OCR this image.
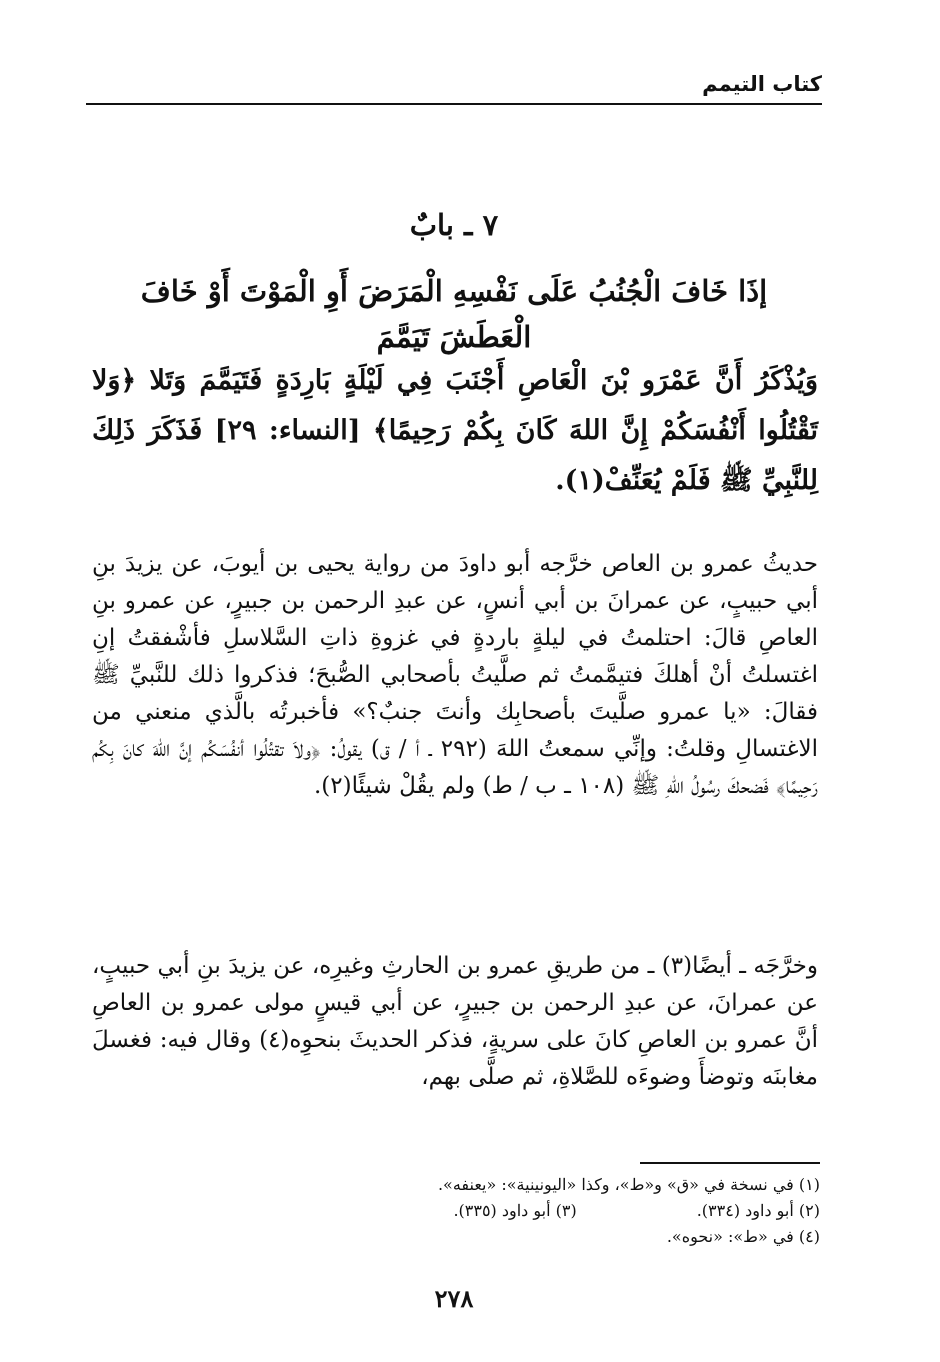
كتاب التيمم
٧ ـ بابٌ
إذَا خَافَ الْجُنُبُ عَلَى نَفْسِهِ الْمَرَضَ أَوِ الْمَوْتَ أَوْ خَافَ الْعَطَشَ تَيَمَّمَ

وَيُذْكَرُ أَنَّ عَمْرَو بْنَ الْعَاصِ أَجْنَبَ فِي لَيْلَةٍ بَارِدَةٍ فَتَيَمَّمَ وَتَلا ﴿وَلا تَقْتُلُوا أَنْفُسَكُمْ إِنَّ اللهَ كَانَ بِكُمْ رَحِيمًا﴾ [النساء: ٢٩] فَذَكَرَ ذَلِكَ لِلنَّبِيِّ ﷺ فَلَمْ يُعَنِّفْ(١).

حديثُ عمرو بن العاص خرَّجه أبو داودَ من رواية يحيى بن أيوبَ، عن يزيدَ بنِ أبي حبيبٍ، عن عمرانَ بن أبي أنسٍ، عن عبدِ الرحمن بن جبيرٍ، عن عمرو بنِ العاصِ قالَ: احتلمتُ في ليلةٍ باردةٍ في غزوةِ ذاتِ السَّلاسلِ فأشْفقتُ إنِ اغتسلتُ أنْ أهلكَ فتيمَّمتُ ثم صلَّيتُ بأصحابي الصُّبحَ؛ فذكروا ذلك للنَّبيِّ ﷺ فقالَ: «يا عمرو صلَّيتَ بأصحابِك وأنتَ جنبٌ؟» فأخبرتُه بالَّذي منعني من الاغتسالِ وقلتُ: وإنِّي سمعتُ اللهَ (٢٩٢ ـ أ / ق) يقولُ: ﴿ولاَ تقتُلُوا أنفُسَكُم إنَّ اللهَ كانَ بِكُم رَحِيمًا﴾ فَضحكَ رسُولُ اللهِ ﷺ (١٠٨ ـ ب / ط) ولم يقُلْ شيئًا(٢).

وخرَّجَه ـ أيضًا(٣) ـ من طريقِ عمرو بن الحارثِ وغيرِه، عن يزيدَ بنِ أبي حبيبٍ، عن عمرانَ، عن عبدِ الرحمن بن جبيرٍ، عن أبي قيسٍ مولى عمرو بن العاصِ أنَّ عمرو بن العاصِ كانَ على سريةٍ، فذكر الحديثَ بنحوِه(٤) وقال فيه: فغسلَ مغابنَه وتوضأَ وضوءَه للصَّلاةِ، ثم صلَّى بهم،

(١) في نسخة في «ق» و«ط»، وكذا «اليونينية»: «يعنفه».
(٢) أبو داود (٣٣٤).
(٣) أبو داود (٣٣٥).
(٤) في «ط»: «نحوه».
٢٧٨
